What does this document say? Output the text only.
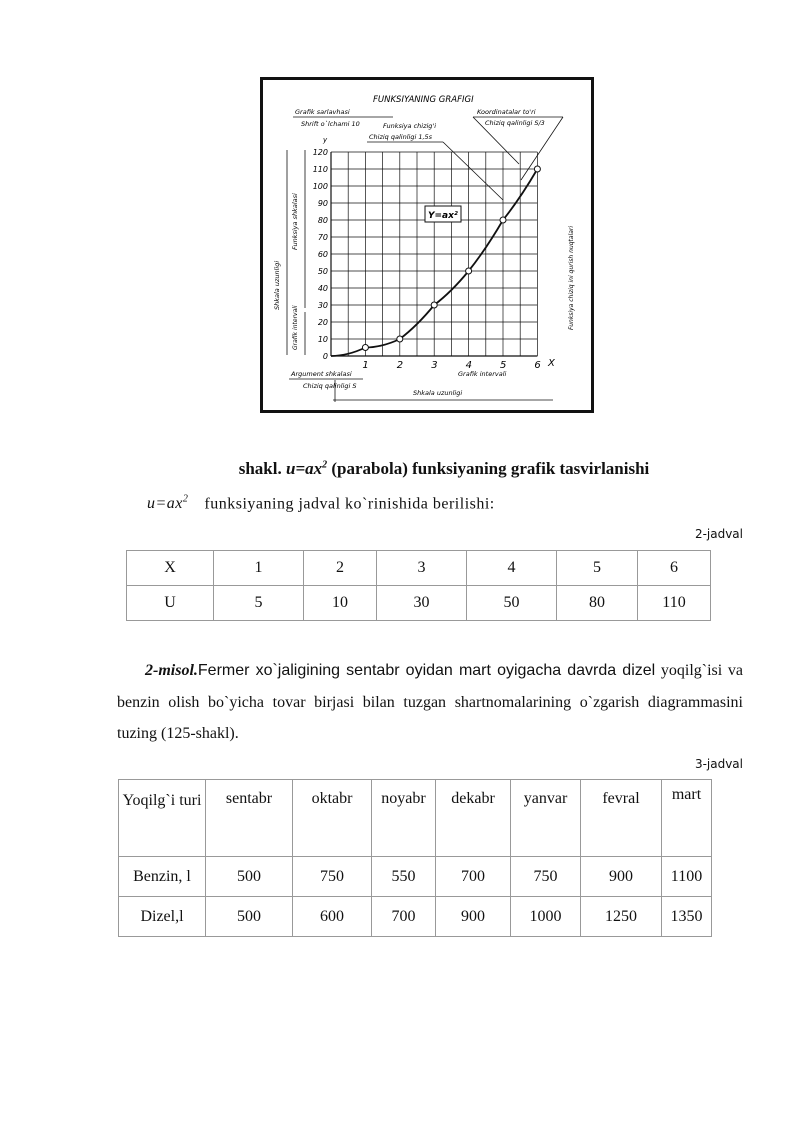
FUNKSIYANING GRAFIGI
Grafik sarlavhasi
Shrift o`lchami 10	Funksiya chizig'i
Chiziq qalinligi 1,5s
Koordinatalar to'ri
Chiziq qalinligi S/3
y
120
110
100
90
80
70
60
50
40
30
20
10
0
1	2	3	4	5	6 X
Y=ax²
Shkala uzunligi
Funksiya shkalasi
Grafik intervali	Funksiya chiziq ini qurish nuqtalari
Argument shkalasi
Chiziq qalinligi S
Grafik intervali
Shkala uzunligi
shakl. $u=ax^2$ (parabola) funksiyaning grafik tasvirlanishi
$u=ax^2$ funksiyaning jadval ko`rinishida berilishi:
2-jadval
X	1	2	3	4	5	6
U	5	10	30	50	80	110
2-misol.Fermer xo`jaligining sentabr oyidan mart oyigacha davrda dizel yoqilg`isi va benzin olish bo`yicha tovar birjasi bilan tuzgan shartnomalarining o`zgarish diagrammasini tuzing (125-shakl).
3-jadval
Yoqilg`i turi	sentabr	oktabr	noyabr	dekabr	yanvar	fevral	mart
Benzin, l	500	750	550	700	750	900	1100
Dizel,l	500	600	700	900	1000	1250	1350
